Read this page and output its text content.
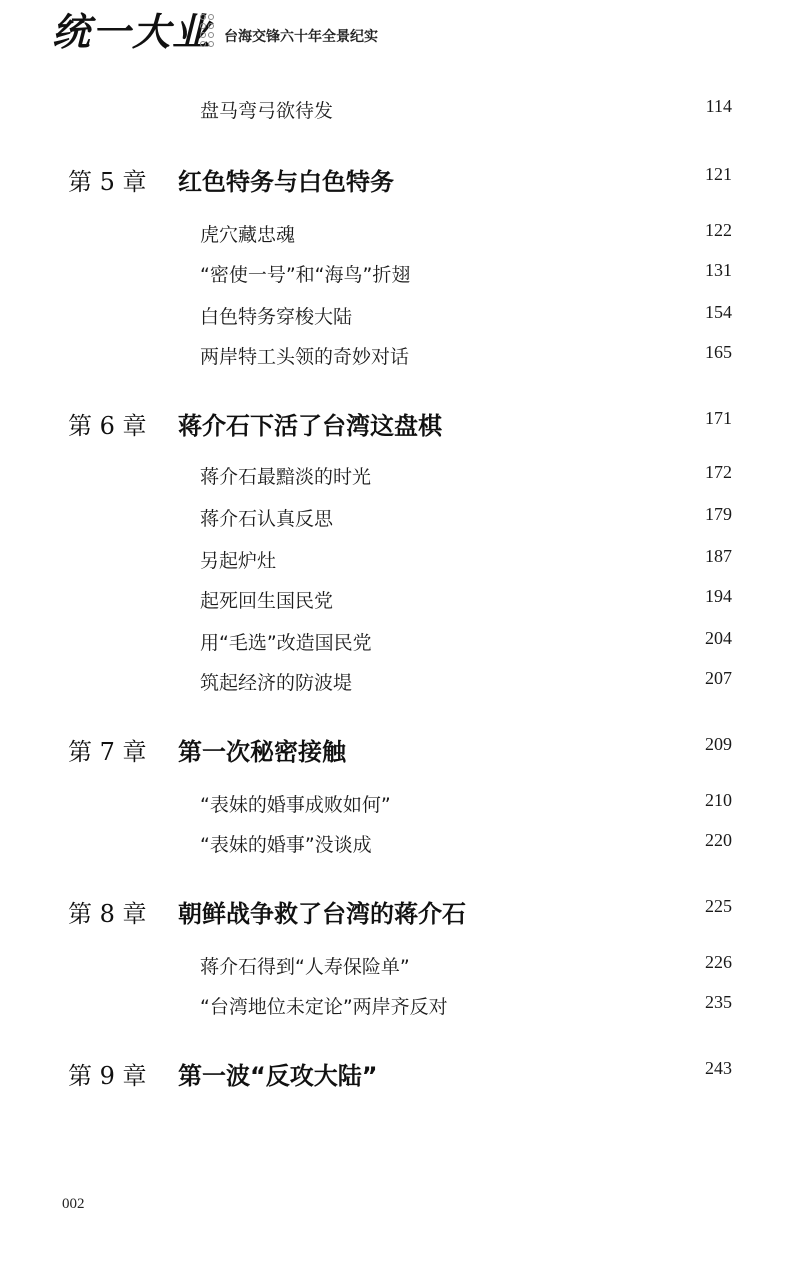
统一大业 台海交锋六十年全景纪实
盘马弯弓欲待发	114
第 5 章 红色特务与白色特务	121
虎穴藏忠魂	122
“密使一号”和“海鸟”折翅	131
白色特务穿梭大陆	154
两岸特工头领的奇妙对话	165
第 6 章 蒋介石下活了台湾这盘棋	171
蒋介石最黯淡的时光	172
蒋介石认真反思	179
另起炉灶	187
起死回生国民党	194
用“毛选”改造国民党	204
筑起经济的防波堤	207
第 7 章 第一次秘密接触	209
“表妹的婚事成败如何”	210
“表妹的婚事”没谈成	220
第 8 章 朝鲜战争救了台湾的蒋介石	225
蒋介石得到“人寿保险单”	226
“台湾地位未定论”两岸齐反对	235
第 9 章 第一波“反攻大陆”	243
002
